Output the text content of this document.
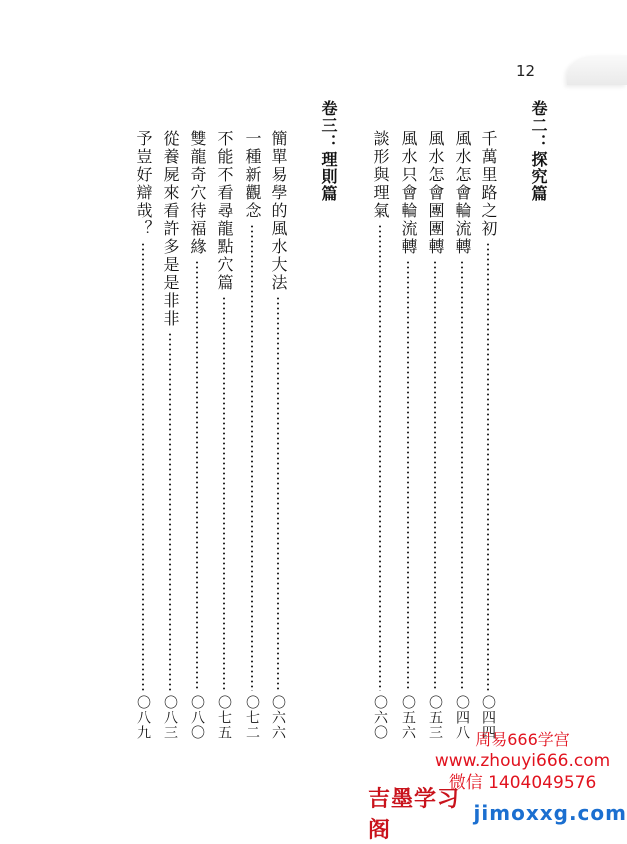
12
卷二：探究篇
千萬里路之初
〇四四
風水怎會輪流轉
〇四八
風水怎會團團轉
〇五三
風水只會輪流轉
〇五六
談形與理氣
〇六〇
卷三：理則篇
簡單易學的風水大法
〇六六
一種新觀念
〇七二
不能不看尋龍點穴篇
〇七五
雙龍奇穴待福緣
〇八〇
從養屍來看許多是是非非
〇八三
予豈好辯哉？
〇八九	周易666学宫
www.zhouyi666.com
微信 1404049576
吉墨学习阁
jimoxxg.com
